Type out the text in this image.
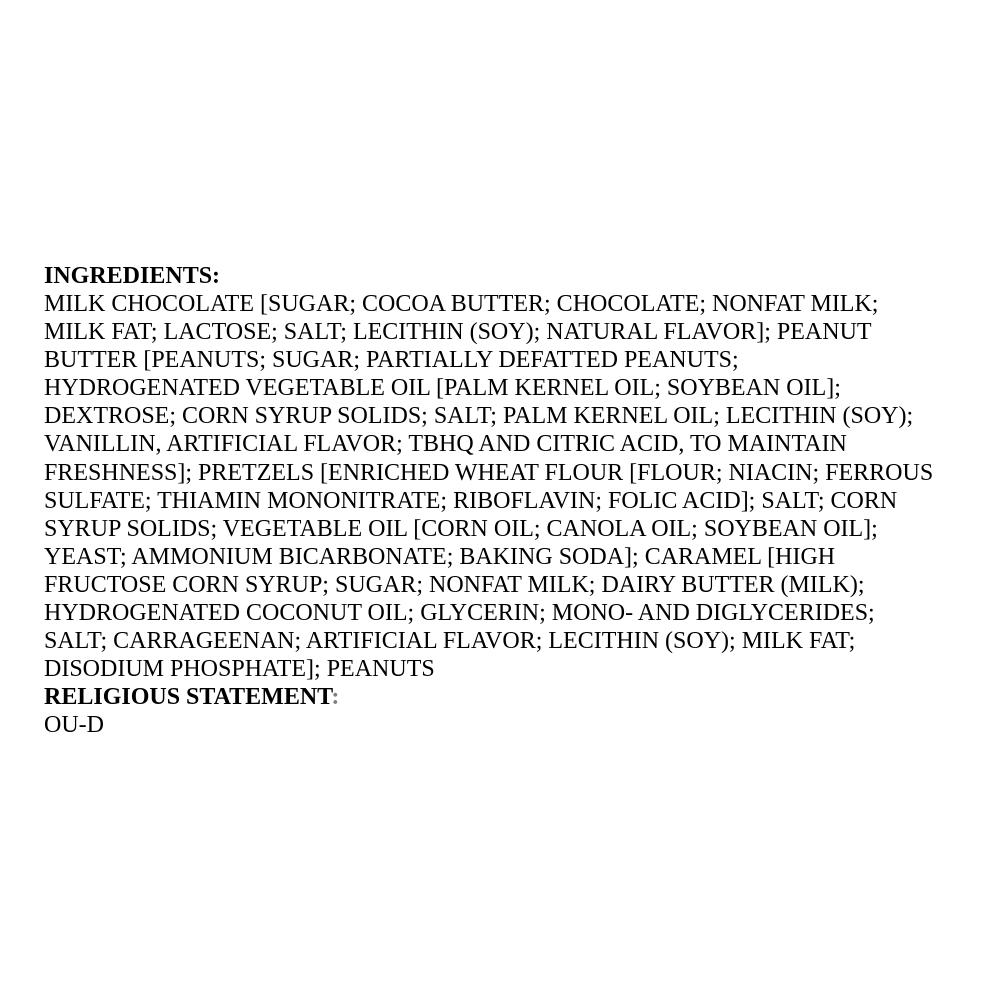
INGREDIENTS:
MILK CHOCOLATE [SUGAR; COCOA BUTTER; CHOCOLATE; NONFAT MILK;
MILK FAT; LACTOSE; SALT; LECITHIN (SOY); NATURAL FLAVOR]; PEANUT
BUTTER [PEANUTS; SUGAR; PARTIALLY DEFATTED PEANUTS;
HYDROGENATED VEGETABLE OIL [PALM KERNEL OIL; SOYBEAN OIL];
DEXTROSE; CORN SYRUP SOLIDS; SALT; PALM KERNEL OIL; LECITHIN (SOY);
VANILLIN, ARTIFICIAL FLAVOR; TBHQ AND CITRIC ACID, TO MAINTAIN
FRESHNESS]; PRETZELS [ENRICHED WHEAT FLOUR [FLOUR; NIACIN; FERROUS
SULFATE; THIAMIN MONONITRATE; RIBOFLAVIN; FOLIC ACID]; SALT; CORN
SYRUP SOLIDS; VEGETABLE OIL [CORN OIL; CANOLA OIL; SOYBEAN OIL];
YEAST; AMMONIUM BICARBONATE; BAKING SODA]; CARAMEL [HIGH
FRUCTOSE CORN SYRUP; SUGAR; NONFAT MILK; DAIRY BUTTER (MILK);
HYDROGENATED COCONUT OIL; GLYCERIN; MONO- AND DIGLYCERIDES;
SALT; CARRAGEENAN; ARTIFICIAL FLAVOR; LECITHIN (SOY); MILK FAT;
DISODIUM PHOSPHATE]; PEANUTS
RELIGIOUS STATEMENT:
OU-D
